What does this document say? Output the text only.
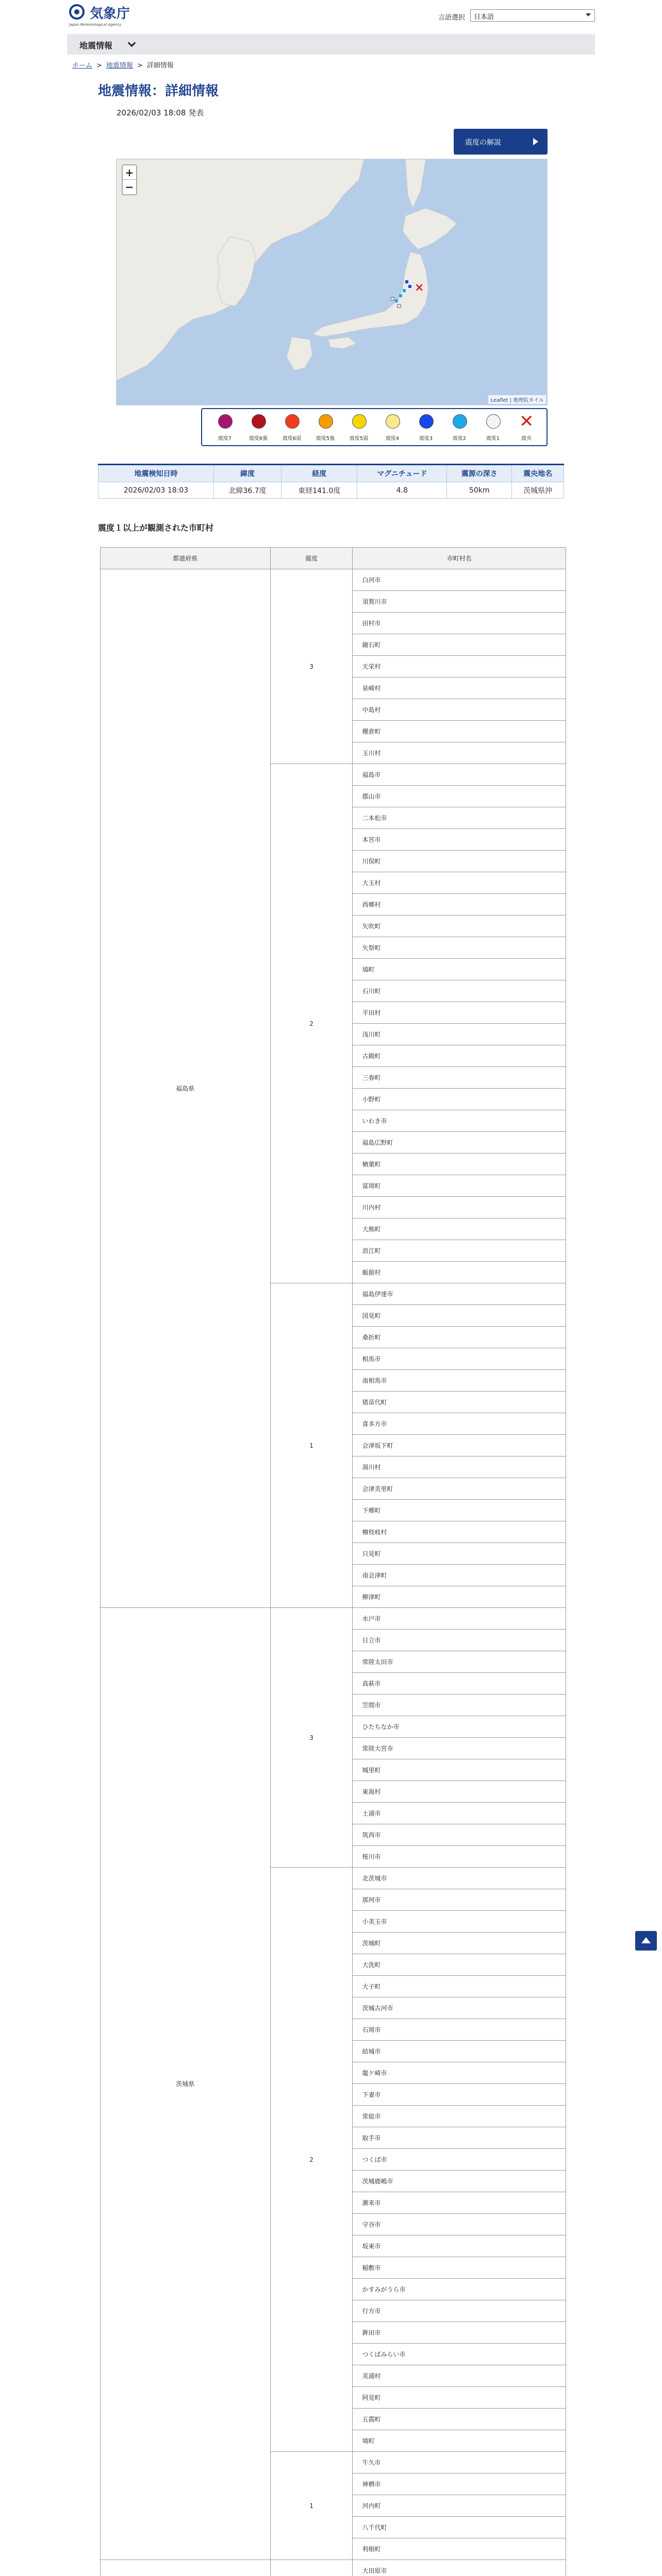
気象庁
Japan Meteorological Agency
言語選択	日本語
地震情報
ホーム > 地震情報 > 詳細情報
地震情報：詳細情報
2026/02/03 18:08 発表
震度の解説
×
+
−
Leaflet | 地理院タイル
震度7	震度6強	震度6弱	震度5強	震度5弱	震度4	震度3	震度2	震度1
✕
震央
地震検知日時	緯度	経度	マグニチュード	震源の深さ	震央地名
2026/02/03 18:03	北緯36.7度	東経141.0度	4.8	50km	茨城県沖
震度１以上が観測された市町村
都道府県	震度	市町村名
福島県	3	白河市
		須賀川市
		田村市
		鏡石町
		天栄村
		泉崎村
		中島村
		棚倉町
		玉川村
	2	福島市
		郡山市
		二本松市
		本宮市
		川俣町
		大玉村
		西郷村
		矢吹町
		矢祭町
		塙町
		石川町
		平田村
		浅川町
		古殿町
		三春町
		小野町
		いわき市
		福島広野町
		楢葉町
		富岡町
		川内村
		大熊町
		浪江町
		飯舘村
	1	福島伊達市
		国見町
		桑折町
		相馬市
		南相馬市
		猪苗代町
		喜多方市
		会津坂下町
		湯川村
		会津美里町
		下郷町
		檜枝岐村
		只見町
		南会津町
		柳津町
茨城県	3	水戸市
		日立市
		常陸太田市
		高萩市
		笠間市
		ひたちなか市
		常陸大宮市
		城里町
		東海村
		土浦市
		筑西市
		桜川市
	2	北茨城市
		那珂市
		小美玉市
		茨城町
		大洗町
		大子町
		茨城古河市
		石岡市
		結城市
		龍ケ崎市
		下妻市
		常総市
		取手市
		つくば市
		茨城鹿嶋市
		潮来市
		守谷市
		坂東市
		稲敷市
		かすみがうら市
		行方市
		鉾田市
		つくばみらい市
		美浦村
		阿見町
		五霞町
		境町
	1	牛久市
		神栖市
		河内町
		八千代町
		利根町
		大田原市
